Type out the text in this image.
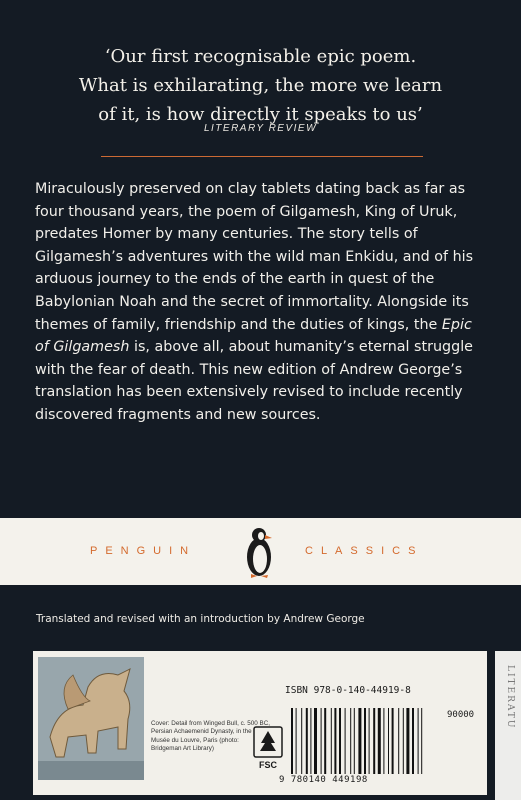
‘Our first recognisable epic poem.
What is exhilarating, the more we learn
of it, is how directly it speaks to us’
LITERARY REVIEW
Miraculously preserved on clay tablets dating back as far as four thousand years, the poem of Gilgamesh, King of Uruk, predates Homer by many centuries. The story tells of Gilgamesh’s adventures with the wild man Enkidu, and of his arduous journey to the ends of the earth in quest of the Babylonian Noah and the secret of immortality. Alongside its themes of family, friendship and the duties of kings, the Epic of Gilgamesh is, above all, about humanity’s eternal struggle with the fear of death. This new edition of Andrew George’s translation has been extensively revised to include recently discovered fragments and new sources.
PENGUIN	CLASSICS
Translated and revised with an introduction by Andrew George
Cover: Detail from Winged Bull, c. 500 BC, Persian Achaemenid Dynasty, in the Musée du Louvre, Paris (photo: Bridgeman Art Library)
ISBN 978-0-140-44919-8
90000
9 780140 449198
FSC
LITERATU
